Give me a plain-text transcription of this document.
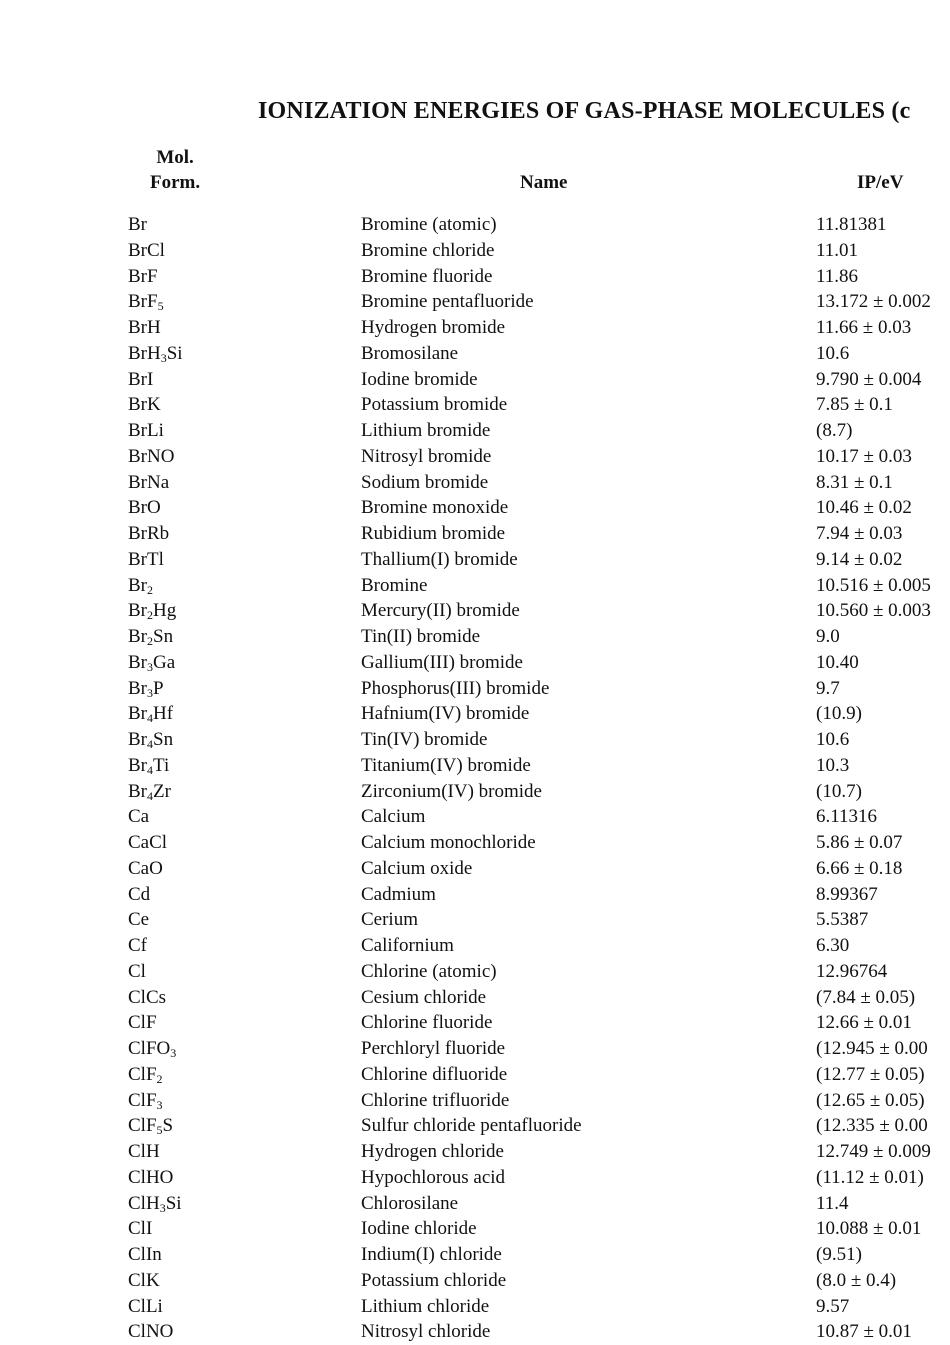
IONIZATION ENERGIES OF GAS-PHASE MOLECULES (c
Mol.
Form.	Name	IP/eV
Br	Bromine (atomic)	11.81381
BrCl	Bromine chloride	11.01
BrF	Bromine fluoride	11.86
BrF$_5$	Bromine pentafluoride	13.172 ± 0.002
BrH	Hydrogen bromide	11.66 ± 0.03
BrH$_3$Si	Bromosilane	10.6
BrI	Iodine bromide	9.790 ± 0.004
BrK	Potassium bromide	7.85 ± 0.1
BrLi	Lithium bromide	(8.7)
BrNO	Nitrosyl bromide	10.17 ± 0.03
BrNa	Sodium bromide	8.31 ± 0.1
BrO	Bromine monoxide	10.46 ± 0.02
BrRb	Rubidium bromide	7.94 ± 0.03
BrTl	Thallium(I) bromide	9.14 ± 0.02
$Br_2$	Bromine	10.516 ± 0.005
$Br_2Hg$	Mercury(II) bromide	10.560 ± 0.003
$Br_2Sn$	Tin(II) bromide	9.0
$Br_3Ga$	Gallium(III) bromide	10.40
$Br_3P$	Phosphorus(III) bromide	9.7
$Br_4Hf$	Hafnium(IV) bromide	(10.9)
$Br_4Sn$	Tin(IV) bromide	10.6
$Br_4Ti$	Titanium(IV) bromide	10.3
$Br_4Zr$	Zirconium(IV) bromide	(10.7)
Ca	Calcium	6.11316
CaCl	Calcium monochloride	5.86 ± 0.07
CaO	Calcium oxide	6.66 ± 0.18
Cd	Cadmium	8.99367
Ce	Cerium	5.5387
Cf	Californium	6.30
Cl	Chlorine (atomic)	12.96764
ClCs	Cesium chloride	(7.84 ± 0.05)
ClF	Chlorine fluoride	12.66 ± 0.01
ClFO$_3$	Perchloryl fluoride	(12.945 ± 0.00
ClF$_2$	Chlorine difluoride	(12.77 ± 0.05)
ClF$_3$	Chlorine trifluoride	(12.65 ± 0.05)
ClF$_5$S	Sulfur chloride pentafluoride	(12.335 ± 0.00
ClH	Hydrogen chloride	12.749 ± 0.009
ClHO	Hypochlorous acid	(11.12 ± 0.01)
ClH$_3$Si	Chlorosilane	11.4
ClI	Iodine chloride	10.088 ± 0.01
ClIn	Indium(I) chloride	(9.51)
ClK	Potassium chloride	(8.0 ± 0.4)
ClLi	Lithium chloride	9.57
ClNO	Nitrosyl chloride	10.87 ± 0.01
